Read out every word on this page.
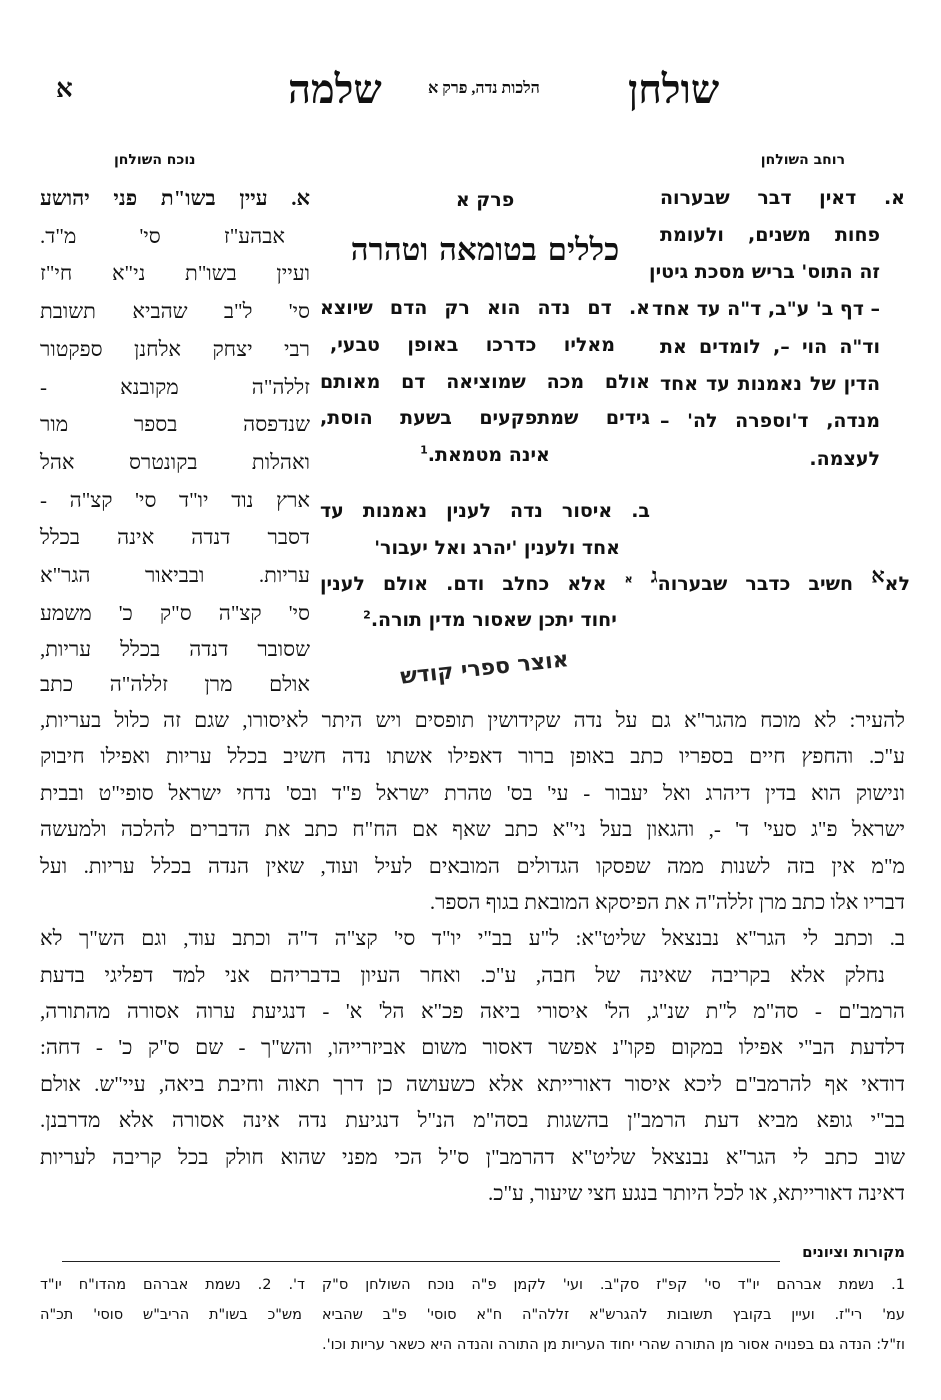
שולחן
הלכות נדה, פרק א
שלמה
א
רוחב השולחן
נוכח השולחן
א. דאין דבר שבערוה
פחות משנים, ולעומת
זה התוס' בריש מסכת גיטין
– דף ב' ע"ב, ד"ה עד אחד
וד"ה הוי –, לומדים את
הדין של נאמנות עד אחד
מנדה, ד'וספרה לה' –
לעצמה.
פרק א
כללים בטומאה וטהרה
א. דם נדה הוא רק הדם שיוצא
מאליו כדרכו באופן טבעי,
אולם מכה שמוציאה דם מאותם
גידים שמתפקעים בשעת הוסת,
אינה מטמאת.$^1$
ב. איסור נדה לענין נאמנות עד
אחד ולענין 'יהרג ואל יעבור'
לא$^א$ חשיב כדבר שבערוה$^ג$ $^א$ אלא כחלב ודם. אולם לענין
יחוד יתכן שאסור מדין תורה.$^2$
א. עיין בשו"ת פני יהושע
אבהע"ז סי' מ"ד.
ועיין בשו"ת ני"א חי"ז
סי' ל"ב שהביא תשובת
רבי יצחק אלחנן ספקטור
זללה"ה מקובנא -
שנדפסה בספר מור
ואהלות בקונטרס אהל
ארץ נוד יו"ד סי' קצ"ה -
דסבר דנדה אינה בכלל
עריות. ובביאור הגר"א
סי' קצ"ה ס"ק כ' משמע
שסובר דנדה בכלל עריות,
אולם מרן זללה"ה כתב	אוצר ספרי קודש
להעיר: לא מוכח מהגר"א גם על נדה שקידושין תופסים ויש היתר לאיסורו, שגם זה כלול בעריות,
ע"כ. והחפץ חיים בספריו כתב באופן ברור דאפילו אשתו נדה חשיב בכלל עריות ואפילו חיבוק
ונישוק הוא בדין דיהרג ואל יעבור - עי' בס' טהרת ישראל פ"ד ובס' נדחי ישראל סופי"ט ובבית
ישראל פ"ג סעי' ד' -, והגאון בעל ני"א כתב שאף אם הח"ח כתב את הדברים להלכה ולמעשה
מ"מ אין בזה לשנות ממה שפסקו הגדולים המובאים לעיל ועוד, שאין הנדה בכלל עריות. ועל
דבריו אלו כתב מרן זללה"ה את הפיסקא המובאת בגוף הספר.
ב. וכתב לי הגר"א נבנצאל שליט"א: ל"ע בב"י יו"ד סי' קצ"ה ד"ה וכתב עוד, וגם הש"ך לא
נחלק אלא בקריבה שאינה של חבה, ע"כ. ואחר העיון בדבריהם אני למד דפליגי בדעת
הרמב"ם - סה"מ ל"ת שנ"ג, הל' איסורי ביאה פכ"א הל' א' - דנגיעת ערוה אסורה מהתורה,
דלדעת הב"י אפילו במקום פקו"נ אפשר דאסור משום אביזרייהו, והש"ך - שם ס"ק כ' - דחה:
דודאי אף להרמב"ם ליכא איסור דאורייתא אלא כשעושה כן דרך תאוה וחיבת ביאה, עיי"ש. אולם
בב"י גופא מביא דעת הרמב"ן בהשגות בסה"מ הנ"ל דנגיעת נדה אינה אסורה אלא מדרבנן.
שוב כתב לי הגר"א נבנצאל שליט"א דהרמב"ן ס"ל הכי מפני שהוא חולק בכל קריבה לעריות
דאינה דאורייתא, או לכל היותר בנגע חצי שיעור, ע"כ.
מקורות וציונים
1. נשמת אברהם יו"ד סי' קפ"ז סק"ב. ועי' לקמן פ"ה נוכח השולחן ס"ק ד'. 2. נשמת אברהם מהדו"ח יו"ד
עמ' רי"ז. ועיין בקובץ תשובות להגרש"א זללה"ה ח"א סוסי' פ"ב שהביא מש"כ בשו"ת הריב"ש סוסי' תכ"ה
וז"ל: הנדה גם בפנויה אסור מן התורה שהרי יחוד העריות מן התורה והנדה היא כשאר עריות וכו'.
